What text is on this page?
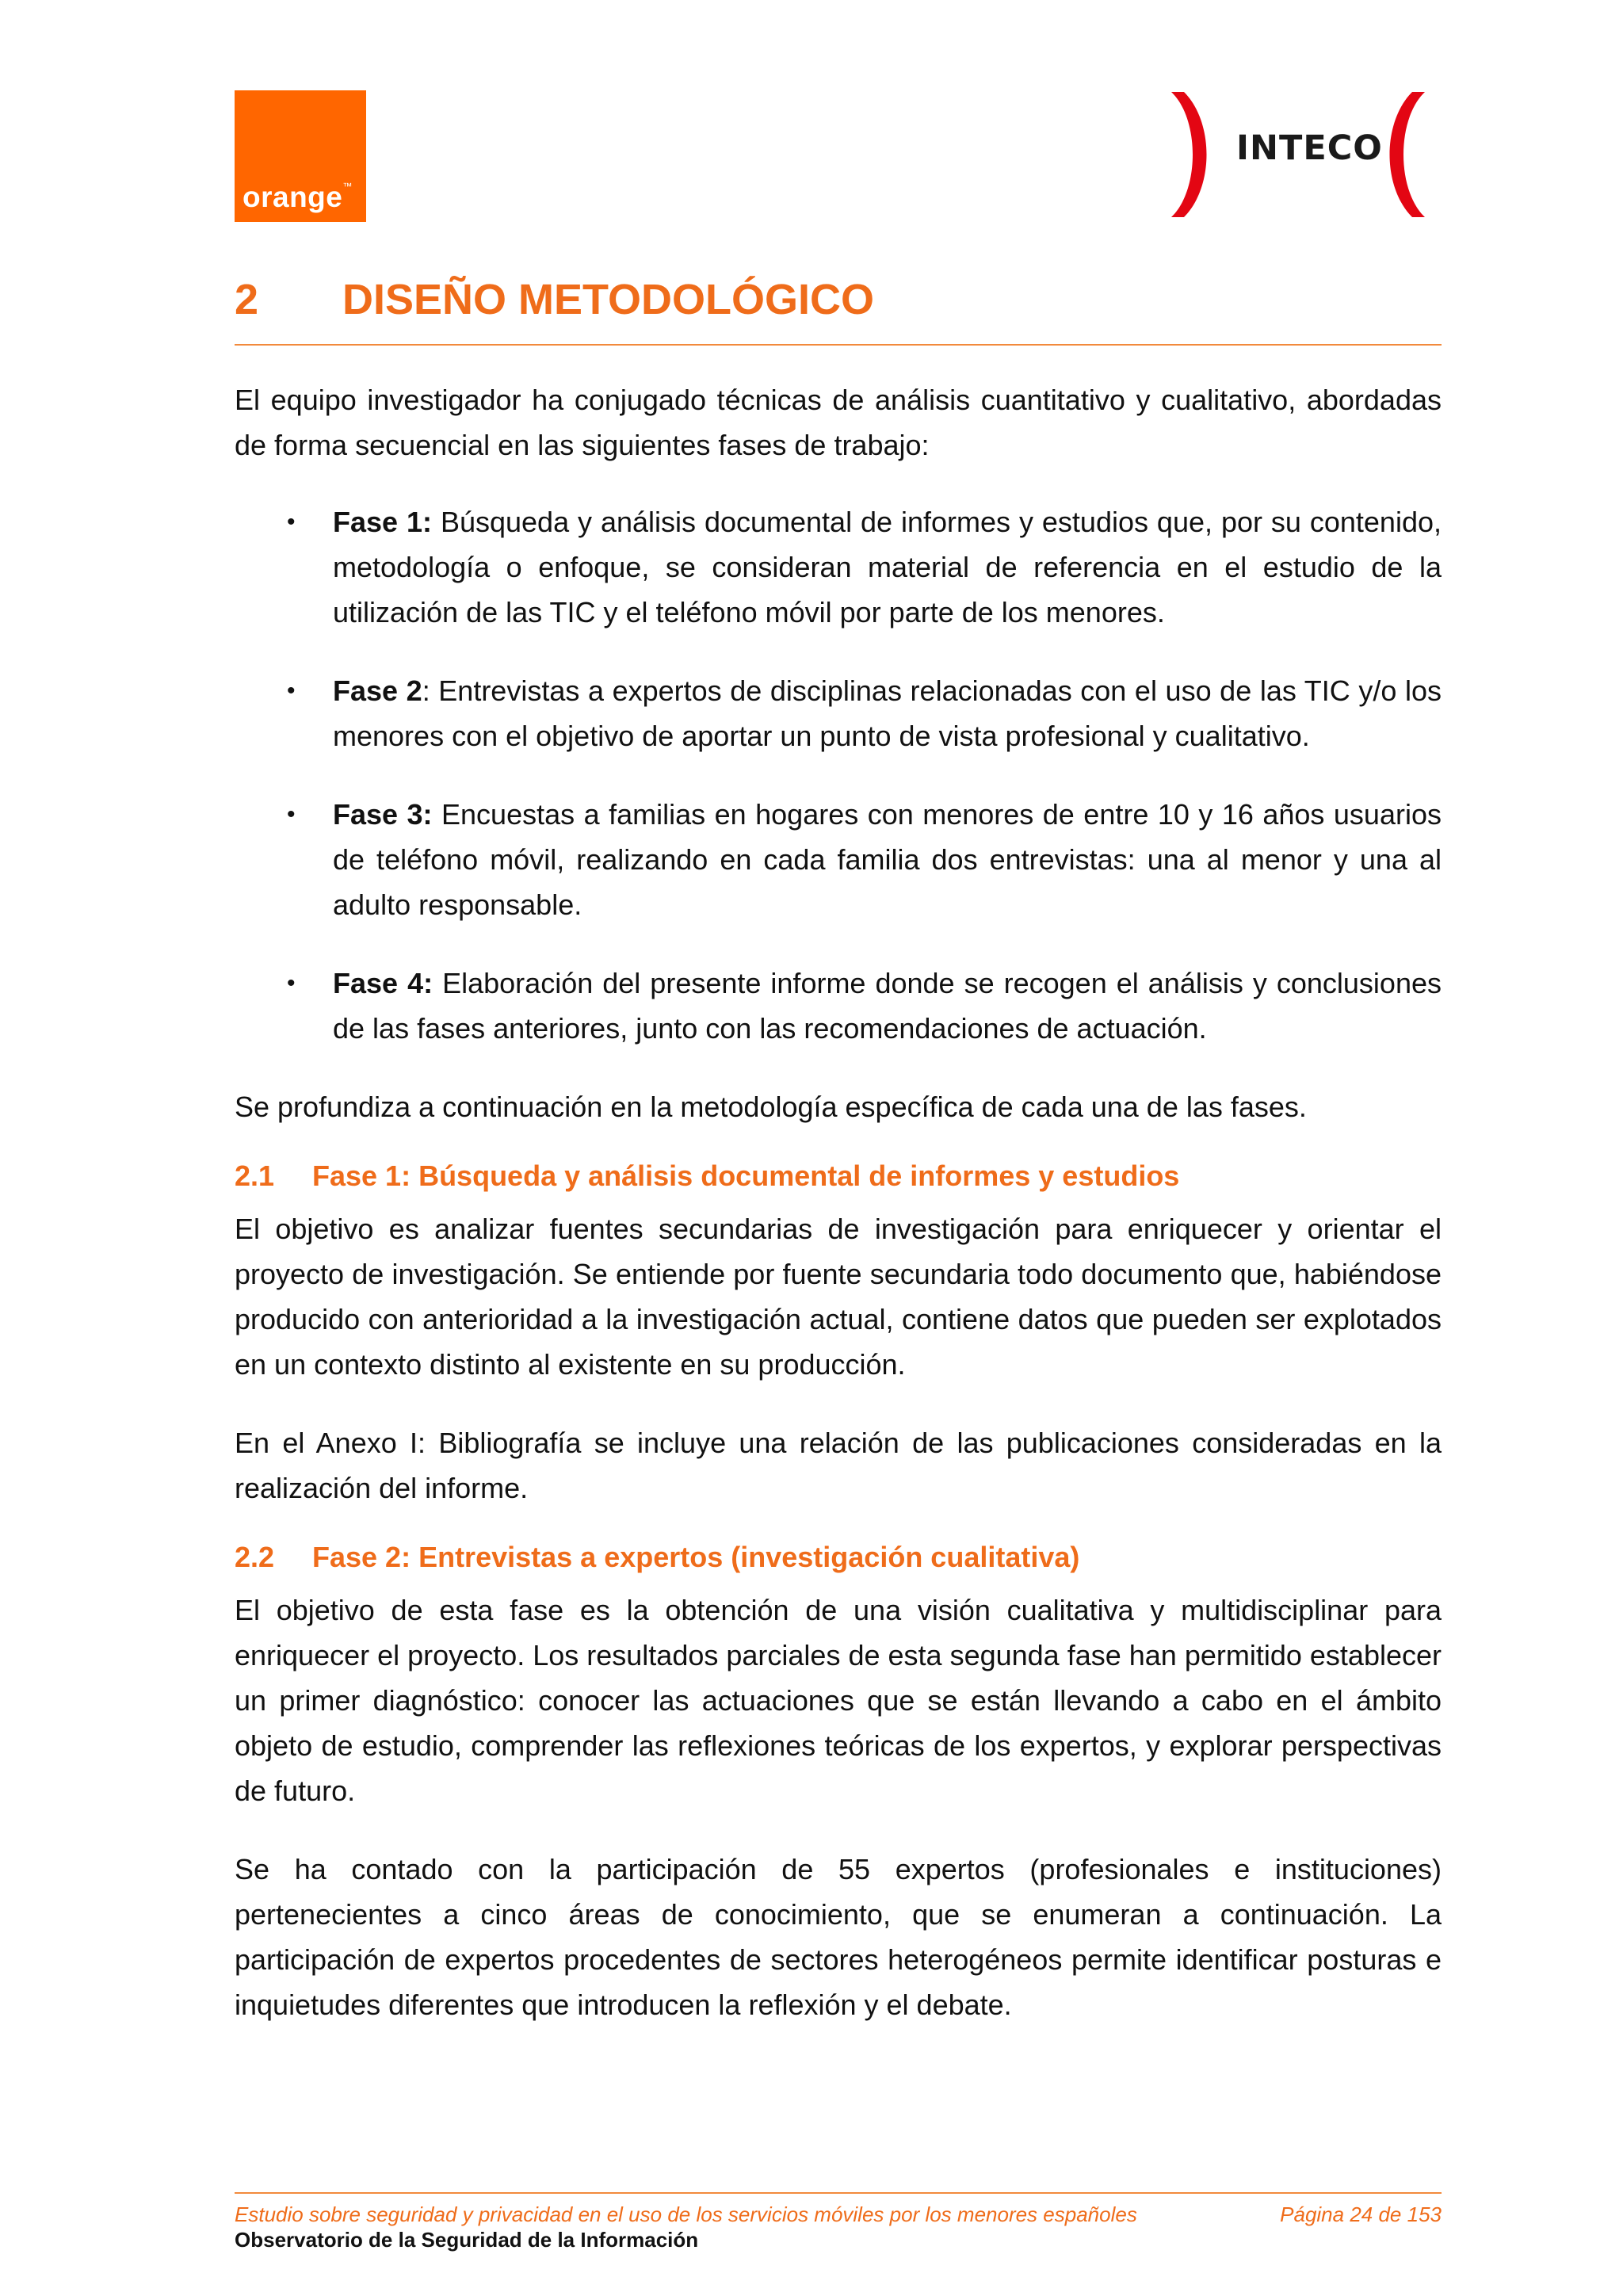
orange™
INTECO
2	DISEÑO METODOLÓGICO

El equipo investigador ha conjugado técnicas de análisis cuantitativo y cualitativo, abordadas de forma secuencial en las siguientes fases de trabajo:

• Fase 1: Búsqueda y análisis documental de informes y estudios que, por su contenido, metodología o enfoque, se consideran material de referencia en el estudio de la utilización de las TIC y el teléfono móvil por parte de los menores.
• Fase 2: Entrevistas a expertos de disciplinas relacionadas con el uso de las TIC y/o los menores con el objetivo de aportar un punto de vista profesional y cualitativo.
• Fase 3: Encuestas a familias en hogares con menores de entre 10 y 16 años usuarios de teléfono móvil, realizando en cada familia dos entrevistas: una al menor y una al adulto responsable.
• Fase 4: Elaboración del presente informe donde se recogen el análisis y conclusiones de las fases anteriores, junto con las recomendaciones de actuación.

Se profundiza a continuación en la metodología específica de cada una de las fases.

2.1	Fase 1: Búsqueda y análisis documental de informes y estudios

El objetivo es analizar fuentes secundarias de investigación para enriquecer y orientar el proyecto de investigación. Se entiende por fuente secundaria todo documento que, habiéndose producido con anterioridad a la investigación actual, contiene datos que pueden ser explotados en un contexto distinto al existente en su producción.

En el Anexo I: Bibliografía se incluye una relación de las publicaciones consideradas en la realización del informe.

2.2	Fase 2: Entrevistas a expertos (investigación cualitativa)

El objetivo de esta fase es la obtención de una visión cualitativa y multidisciplinar para enriquecer el proyecto. Los resultados parciales de esta segunda fase han permitido establecer un primer diagnóstico: conocer las actuaciones que se están llevando a cabo en el ámbito objeto de estudio, comprender las reflexiones teóricas de los expertos, y explorar perspectivas de futuro.

Se ha contado con la participación de 55 expertos (profesionales e instituciones) pertenecientes a cinco áreas de conocimiento, que se enumeran a continuación. La participación de expertos procedentes de sectores heterogéneos permite identificar posturas e inquietudes diferentes que introducen la reflexión y el debate.

Estudio sobre seguridad y privacidad en el uso de los servicios móviles por los menores españoles	Página 24 de 153
Observatorio de la Seguridad de la Información
